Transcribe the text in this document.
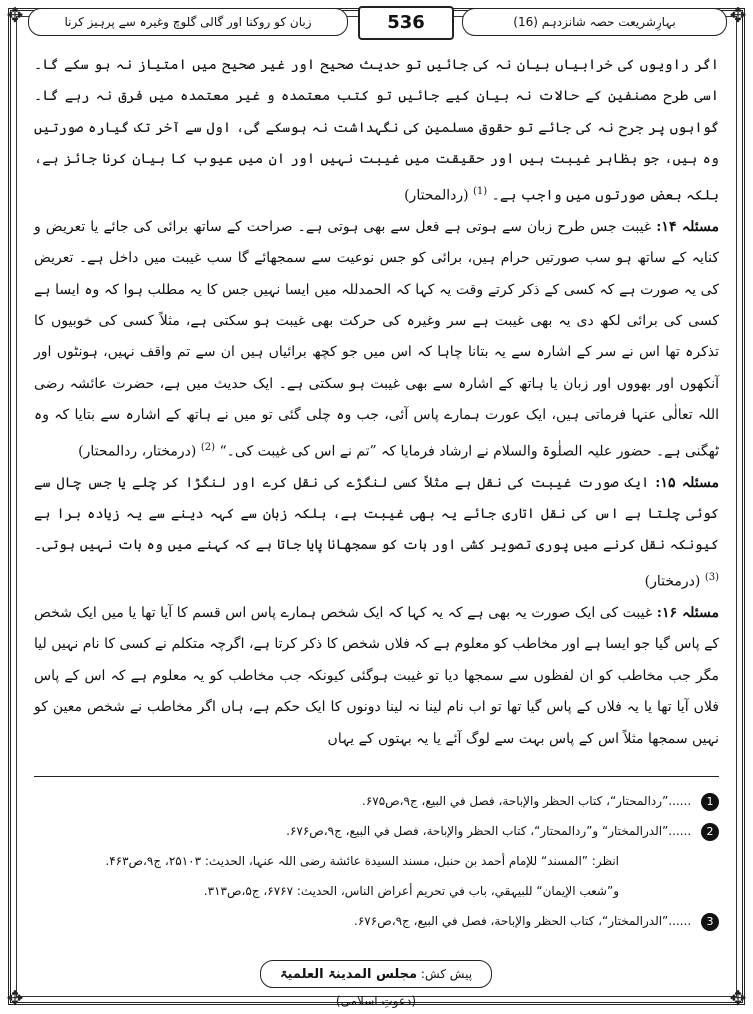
✥	✥
✥	✥
زبان کو روکنا اور گالی گلوچ وغیرہ سے پرہیز کرنا	536	بہارِشریعت حصہ شانزدہم (16)

اگر راویوں کی خرابیاں بیان نہ کی جائیں تو حدیث صحیح اور غیر صحیح میں امتیاز نہ ہو سکے گا۔ اسی طرح مصنفین کے حالات نہ بیان کیے جائیں تو کتب معتمدہ و غیر معتمدہ میں فرق نہ رہے گا۔ گواہوں پر جرح نہ کی جائے تو حقوق مسلمین کی نگہداشت نہ ہوسکے گی، اول سے آخر تک گیارہ صورتیں وہ ہیں، جو بظاہر غیبت ہیں اور حقیقت میں غیبت نہیں اور ان میں عیوب کا بیان کرنا جائز ہے، بلکہ بعض صورتوں میں واجب ہے۔ $^{(1)}$ (ردالمحتار)

مسئلہ ۱۴: غیبت جس طرح زبان سے ہوتی ہے فعل سے بھی ہوتی ہے۔ صراحت کے ساتھ برائی کی جائے یا تعریض و کنایہ کے ساتھ ہو سب صورتیں حرام ہیں، برائی کو جس نوعیت سے سمجھائے گا سب غیبت میں داخل ہے۔ تعریض کی یہ صورت ہے کہ کسی کے ذکر کرتے وقت یہ کہا کہ الحمدللہ میں ایسا نہیں جس کا یہ مطلب ہوا کہ وہ ایسا ہے کسی کی برائی لکھ دی یہ بھی غیبت ہے سر وغیرہ کی حرکت بھی غیبت ہو سکتی ہے، مثلاً کسی کی خوبیوں کا تذکرہ تھا اس نے سر کے اشارہ سے یہ بتانا چاہا کہ اس میں جو کچھ برائیاں ہیں ان سے تم واقف نہیں، ہونٹوں اور آنکھوں اور بھووں اور زبان یا ہاتھ کے اشارہ سے بھی غیبت ہو سکتی ہے۔ ایک حدیث میں ہے، حضرت عائشہ رضی اللہ تعالٰی عنہا فرماتی ہیں، ایک عورت ہمارے پاس آئی، جب وہ چلی گئی تو میں نے ہاتھ کے اشارہ سے بتایا کہ وہ ٹھگنی ہے۔ حضور علیہ الصلٰوۃ والسلام نے ارشاد فرمایا کہ ”تم نے اس کی غیبت کی۔“ $^{(2)}$ (درمختار، ردالمحتار)

مسئلہ ۱۵: ایک صورت غیبت کی نقل ہے مثلاً کسی لنگڑے کی نقل کرے اور لنگڑا کر چلے یا جس چال سے کوئی چلتا ہے اس کی نقل اتاری جائے یہ بھی غیبت ہے، بلکہ زبان سے کہہ دینے سے یہ زیادہ برا ہے کیونکہ نقل کرنے میں پوری تصویر کشی اور بات کو سمجھانا پایا جاتا ہے کہ کہنے میں وہ بات نہیں ہوتی۔ $^{(3)}$ (درمختار)

مسئلہ ۱۶: غیبت کی ایک صورت یہ بھی ہے کہ یہ کہا کہ ایک شخص ہمارے پاس اس قسم کا آیا تھا یا میں ایک شخص کے پاس گیا جو ایسا ہے اور مخاطب کو معلوم ہے کہ فلاں شخص کا ذکر کرتا ہے، اگرچہ متکلم نے کسی کا نام نہیں لیا مگر جب مخاطب کو ان لفظوں سے سمجھا دیا تو غیبت ہوگئی کیونکہ جب مخاطب کو یہ معلوم ہے کہ اس کے پاس فلاں آیا تھا یا یہ فلاں کے پاس گیا تھا تو اب نام لینا نہ لینا دونوں کا ایک حکم ہے، ہاں اگر مخاطب نے شخص معین کو نہیں سمجھا مثلاً اس کے پاس بہت سے لوگ آئے یا یہ بہتوں کے یہاں

1 ......”ردالمحتار“، کتاب الحظر والإباحة، فصل في البیع، ج۹،ص۶۷۵.
2 ......”الدرالمختار“ و”ردالمحتار“، کتاب الحظر والإباحة، فصل في البیع، ج۹،ص۶۷۶.
انظر: ”المسند“ للإمام أحمد بن حنبل، مسند السیدة عائشة رضی اللہ عنہا، الحدیث: ۲۵۱۰۳، ج۹،ص۴۶۳.
و”شعب الإیمان“ للبیہقي، باب في تحریم أعراض الناس، الحدیث: ۶۷۶۷، ج۵،ص۳۱۳.
3 ......”الدرالمختار“، کتاب الحظر والإباحة، فصل في البیع، ج۹،ص۶۷۶.
پیش کش: مجلس المدینۃ العلمیۃ (دعوتِ اسلامی)
